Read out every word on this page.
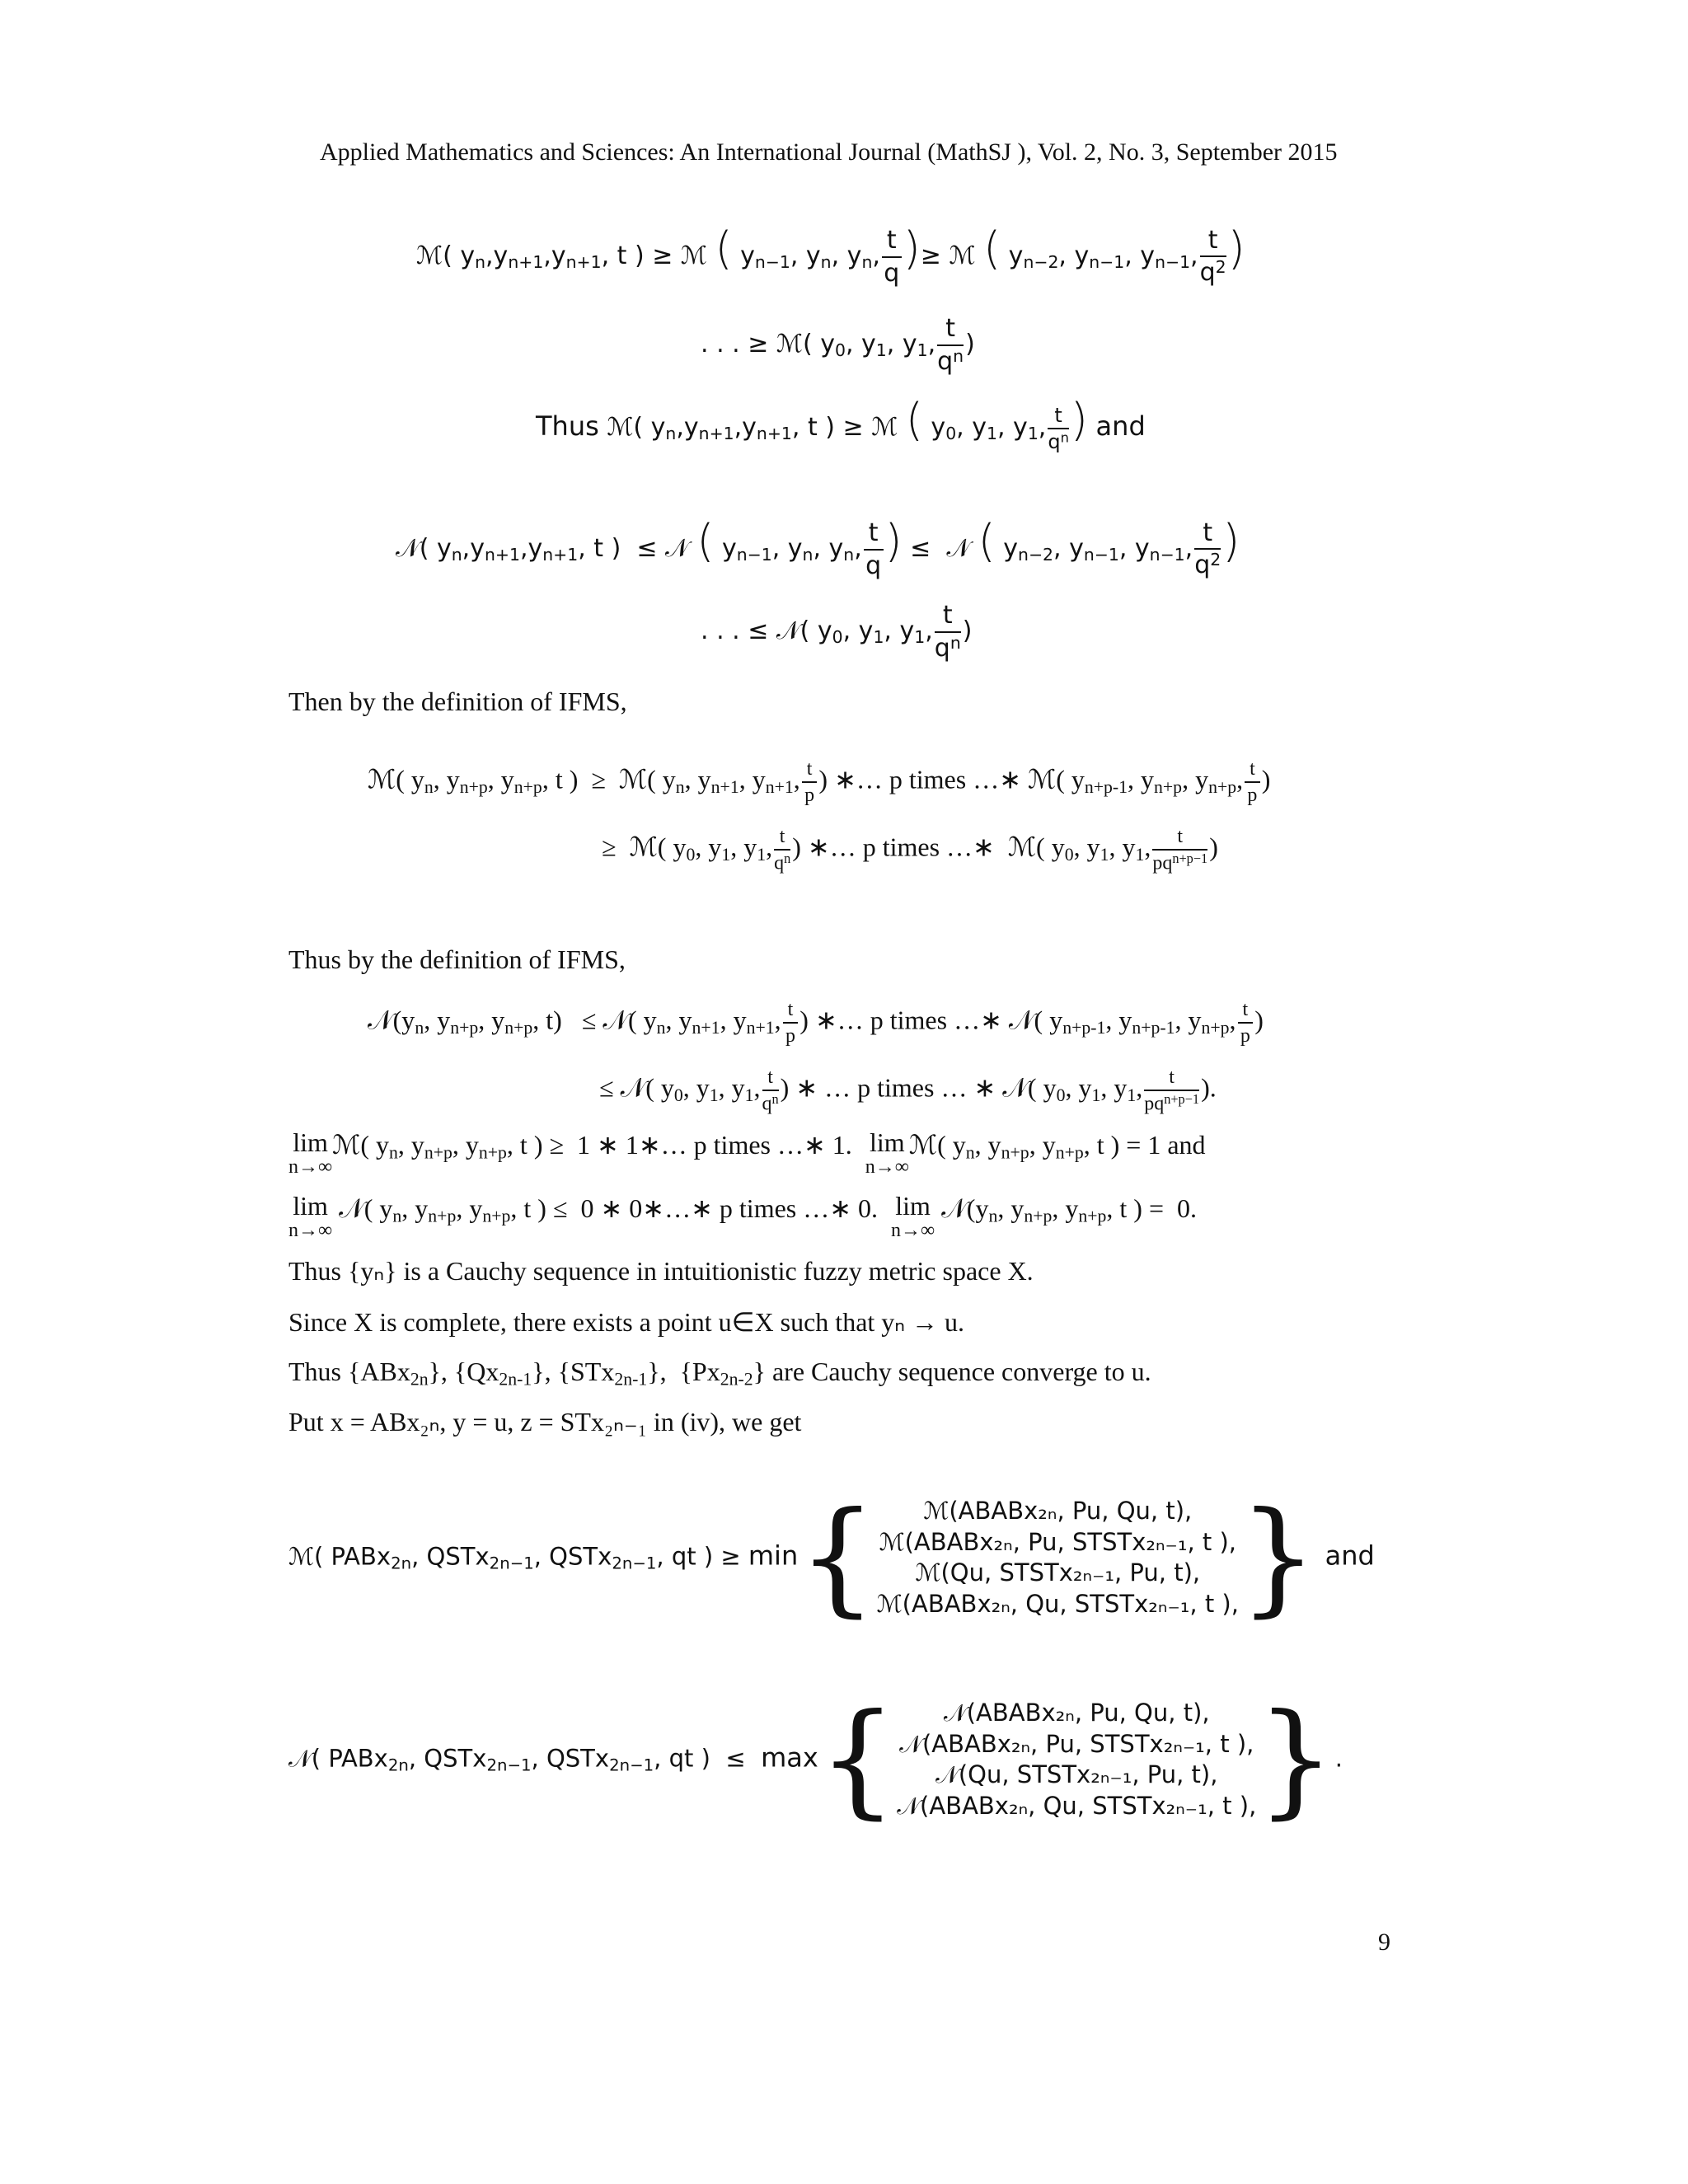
Applied Mathematics and Sciences: An International Journal (MathSJ ), Vol. 2, No. 3, September 2015
ℳ( $y_n,y_{n+1},y_{n+1}$, t ) ≥ ℳ ( $y_{n-1}$, $y_n$, $y_n$, $\frac{t}{q}$ )≥ ℳ ( $y_{n-2}$, $y_{n-1}$, $y_{n-1}$, $\frac{t}{q^2}$ )
. . . ≥ ℳ( $y_0$, $y_1$, $y_1$, $\frac{t}{q^n}$ )
Thus ℳ( $y_n,y_{n+1},y_{n+1}$, t ) ≥ ℳ ( $y_0$, $y_1$, $y_1$, $\frac{t}{q^n}$ ) and
𝒩( $y_n,y_{n+1},y_{n+1}$, t )  ≤ 𝒩 ( $y_{n-1}$, $y_n$, $y_n$, $\frac{t}{q}$ ) ≤  𝒩 ( $y_{n-2}$, $y_{n-1}$, $y_{n-1}$, $\frac{t}{q^2}$ )
. . . ≤ 𝒩( $y_0$, $y_1$, $y_1$, $\frac{t}{q^n}$ )
Then by the definition of IFMS,
ℳ( $y_n$, $y_{n+p}$, $y_{n+p}$, t )  ≥  ℳ( $y_n$, $y_{n+1}$, $y_{n+1}$, $\frac{t}{p}$ ) ∗… p times …∗ ℳ( $y_{n+p-1}$, $y_{n+p}$, $y_{n+p}$, $\frac{t}{p}$ )
≥  ℳ( $y_0$, $y_1$, $y_1$, $\frac{t}{q^n}$ ) ∗… p times …∗  ℳ( $y_0$, $y_1$, $y_1$, $\frac{t}{pq^{n+p-1}}$ )
Thus by the definition of IFMS,
$𝒩(y_n$, $y_{n+p}$, $y_{n+p}$, t)   ≤ 𝒩( $y_n$, $y_{n+1}$, $y_{n+1}$, $\frac{t}{p}$ ) ∗… p times …∗ 𝒩( $y_{n+p-1}$, $y_{n+p-1}$, $y_{n+p}$, $\frac{t}{p}$ )
≤ 𝒩( $y_0$, $y_1$, $y_1$, $\frac{t}{q^n}$ ) ∗ … p times … ∗ 𝒩( $y_0$, $y_1$, $y_1$, $\frac{t}{pq^{n+p-1}}$ ).
lim
n→∞
ℳ( $y_n$, $y_{n+p}$, $y_{n+p}$, t ) ≥  1 ∗ 1∗… p times …∗ 1.  lim
n→∞
ℳ( $y_n$, $y_{n+p}$, $y_{n+p}$, t ) = 1 and
lim
n→∞
𝒩( $y_n$, $y_{n+p}$, $y_{n+p}$, t ) ≤  0 ∗ 0∗…∗ p times …∗ 0.  lim
n→∞
$𝒩(y_n$, $y_{n+p}$, $y_{n+p}$, t ) =  0.
Thus {yₙ} is a Cauchy sequence in intuitionistic fuzzy metric space X.
Since X is complete, there exists a point u∈X such that yₙ → u.
Thus {ABx$_{2n}$}, $\{Qx_{2n-1}\}$, {STx$_{2n-1}$},  $\{Px_{2n-2}\}$ are Cauchy sequence converge to u.
Put x = ABx₂ₙ, y = u, z = STx₂ₙ₋₁ in (iv), we get
ℳ( PABx$_{2n}$, QSTx$_{2n-1}$, QSTx$_{2n-1}$, qt ) ≥ min{	ℳ(ABABx₂ₙ, Pu, Qu, t),
ℳ(ABABx₂ₙ, Pu, STSTx₂ₙ₋₁, t ),
ℳ(Qu, STSTx₂ₙ₋₁, Pu, t),
ℳ(ABABx₂ₙ, Qu, STSTx₂ₙ₋₁, t ), } and
𝒩( PABx$_{2n}$, QSTx$_{2n-1}$, QSTx$_{2n-1}$, qt )  ≤  max{	𝒩(ABABx₂ₙ, Pu, Qu, t),
𝒩(ABABx₂ₙ, Pu, STSTx₂ₙ₋₁, t ),
𝒩(Qu, STSTx₂ₙ₋₁, Pu, t),
𝒩(ABABx₂ₙ, Qu, STSTx₂ₙ₋₁, t ), }.
9
